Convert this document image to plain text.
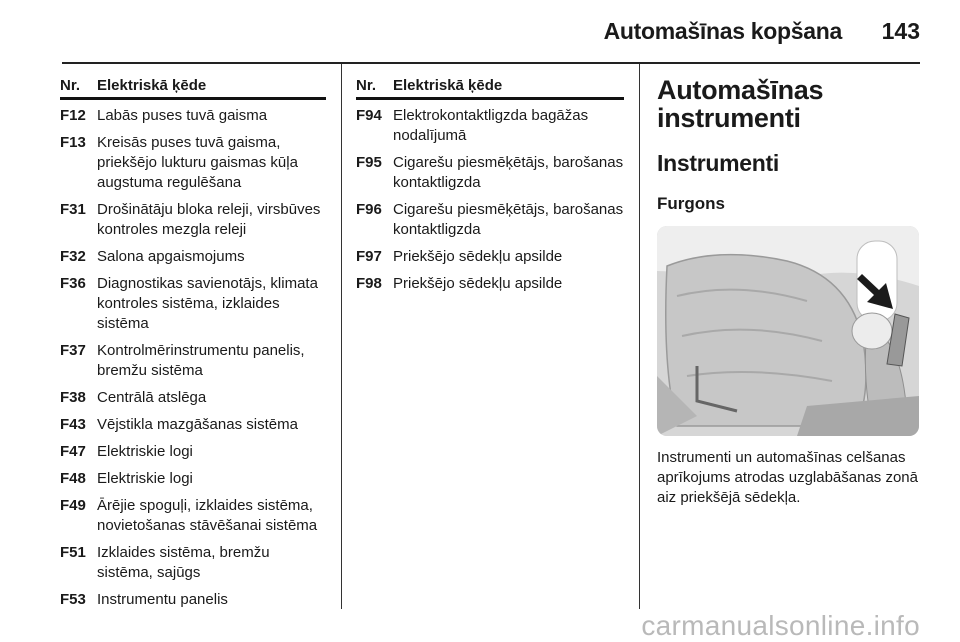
Automašīnas kopšana 143
Nr.	Elektriskā ķēde
F12	Labās puses tuvā gaisma
F13	Kreisās puses tuvā gaisma, priekšējo lukturu gaismas kūļa augstuma regulēšana
F31	Drošinātāju bloka releji, virsbūves kontroles mezgla releji
F32	Salona apgaismojums
F36	Diagnostikas savienotājs, klimata kontroles sistēma, izklaides sistēma
F37	Kontrolmērinstrumentu panelis, bremžu sistēma
F38	Centrālā atslēga
F43	Vējstikla mazgāšanas sistēma
F47	Elektriskie logi
F48	Elektriskie logi
F49	Ārējie spoguļi, izklaides sistēma, novietošanas stāvēšanai sistēma
F51	Izklaides sistēma, bremžu sistēma, sajūgs
F53	Instrumentu panelis
Nr.	Elektriskā ķēde
F94	Elektrokontaktligzda bagāžas nodalījumā
F95	Cigarešu piesmēķētājs, barošanas kontaktligzda
F96	Cigarešu piesmēķētājs, barošanas kontaktligzda
F97	Priekšējo sēdekļu apsilde
F98	Priekšējo sēdekļu apsilde
Automašīnas instrumenti
Instrumenti
Furgons
Instrumenti un automašīnas celšanas aprīkojums atrodas uzglabāšanas zonā aiz priekšējā sēdekļa.
carmanualsonline.info
